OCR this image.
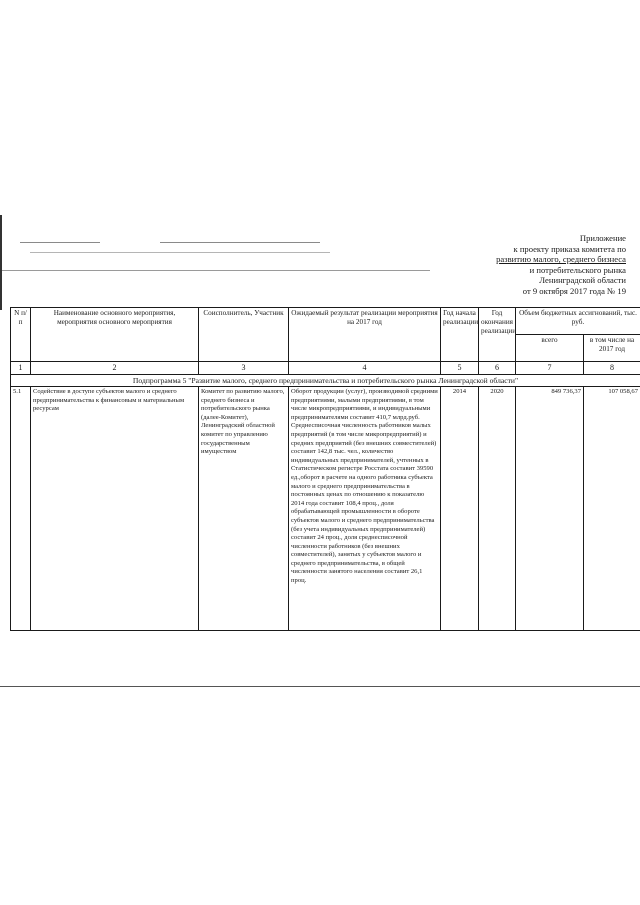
Приложение
к проекту приказа комитета по
развитию малого, среднего бизнеса
и потребительского рынка
Ленинградской области
от 9 октября 2017 года № 19
N п/п	Наименование основного мероприятия, мероприятия основного мероприятия	Соисполнитель, Участник	Ожидаемый результат реализации мероприятия на 2017 год	Год начала реализации	Год окончания реализации	Объем бюджетных ассигнований, тыс. руб.	
						всего	в том числе на 2017 год
1	2	3	4	5	6	7	8
Подпрограмма 5 "Развитие малого, среднего предпринимательства и потребительского рынка Ленинградской области"							
5.1	Содействие в доступе субъектов малого и среднего предпринимательства к финансовым и материальным ресурсам	Комитет по развитию малого, среднего бизнеса и потребительского рынка (далее-Комитет), Ленинградский областной комитет по управлению государственным имуществом	Оборот продукции (услуг), производимой средними предприятиями, малыми предприятиями, в том числе микропредприятиями, и индивидуальными предпринимателями составит 410,7 млрд.руб. Среднесписочная численность работников малых предприятий (в том числе микропредприятий) и средних предприятий (без внешних совместителей) составит 142,8 тыс. чел., количество индивидуальных предпринимателей, учтенных в Статистическом регистре Росстата составит 39590 ед.,оборот в расчете на одного работника субъекта малого и среднего предпринимательства в постоянных ценах по отношению к показателю 2014 года составит 108,4 проц., доля обрабатывающей промышленности в обороте субъектов малого и среднего предпринимательства (без учета индивидуальных предпринимателей) составит 24 проц., доля среднесписочной численности работников (без внешних совместителей), занятых у субъектов малого и среднего предпринимательства, в общей численности занятого населения составит 26,1 проц.	2014	2020	849 736,37	107 058,67
